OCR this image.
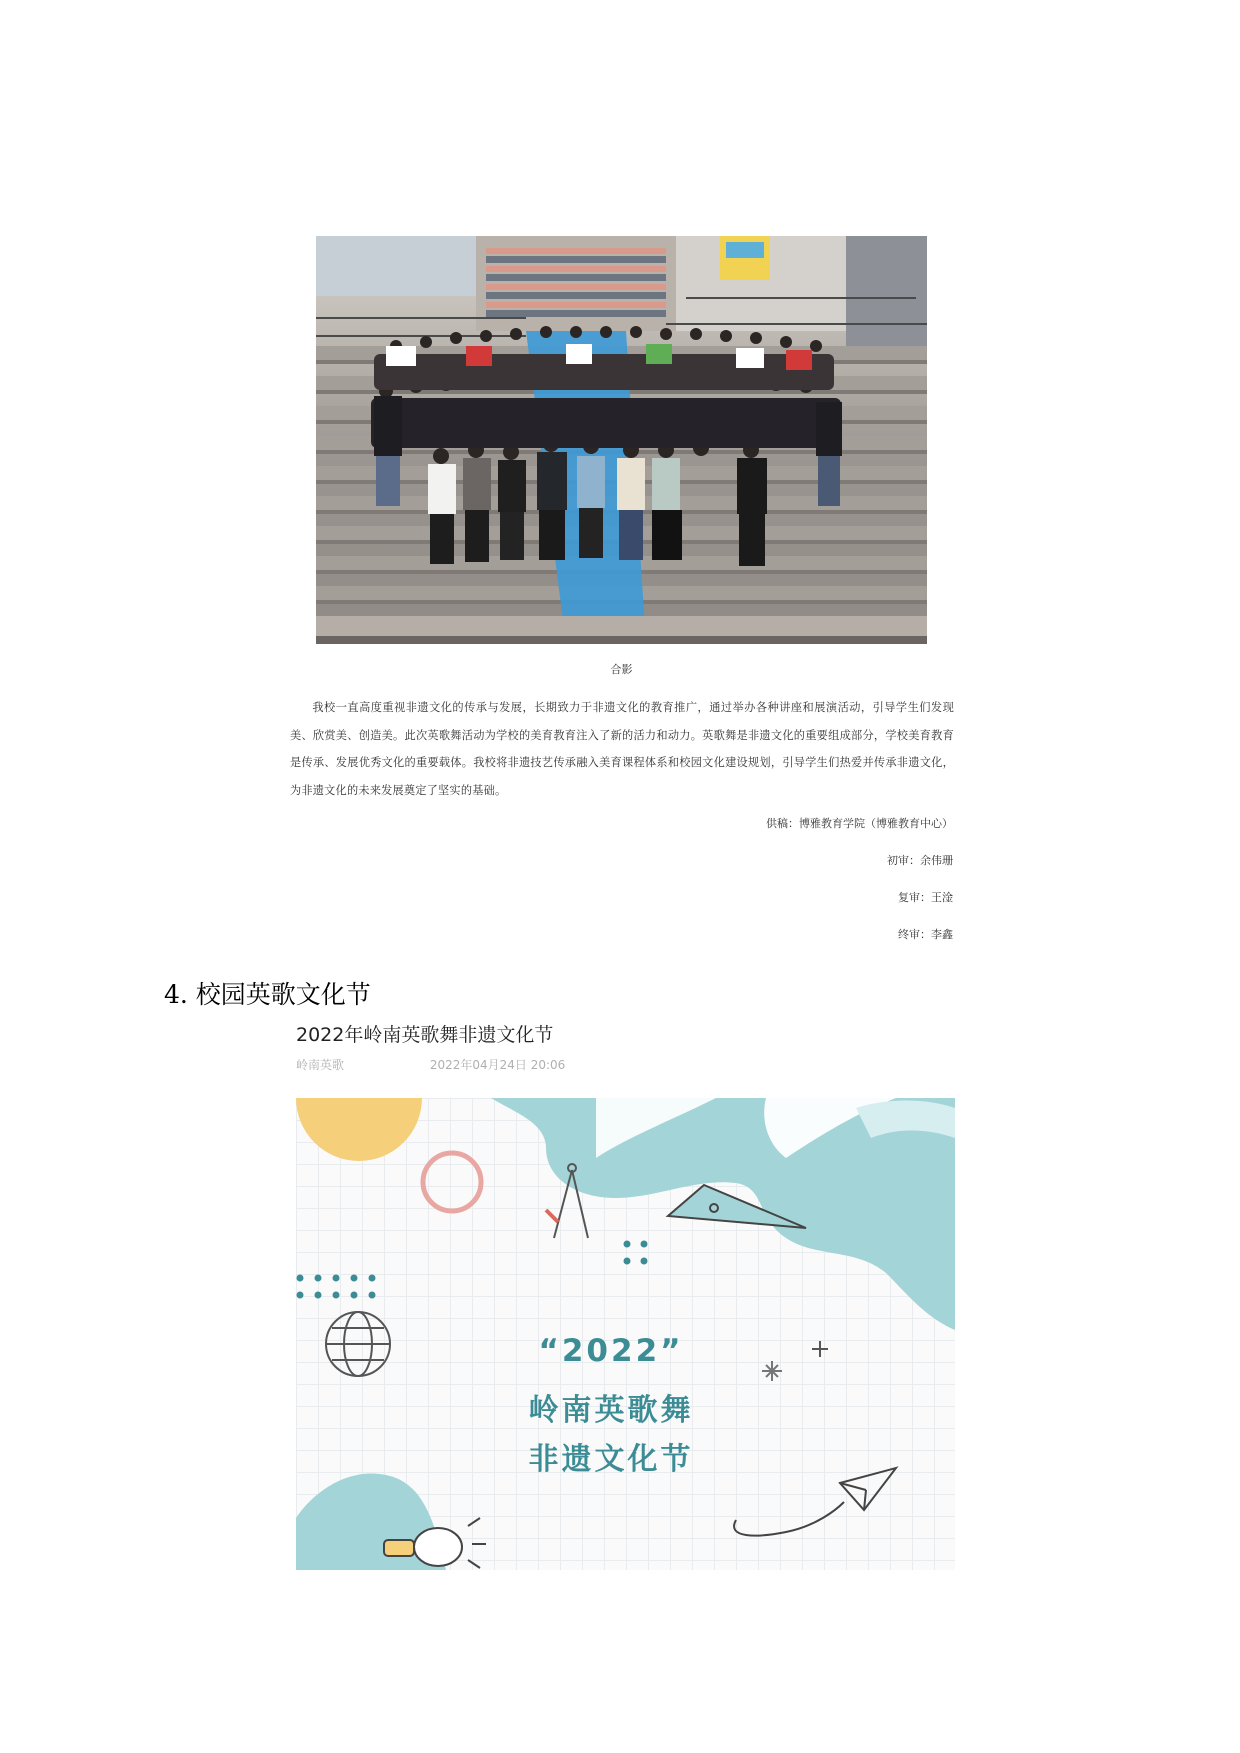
合影
我校一直高度重视非遗文化的传承与发展，长期致力于非遗文化的教育推广，通过举办各种讲座和展演活动，引导学生们发现美、欣赏美、创造美。此次英歌舞活动为学校的美育教育注入了新的活力和动力。英歌舞是非遗文化的重要组成部分，学校美育教育是传承、发展优秀文化的重要载体。我校将非遗技艺传承融入美育课程体系和校园文化建设规划，引导学生们热爱并传承非遗文化，为非遗文化的未来发展奠定了坚实的基础。
供稿：博雅教育学院（博雅教育中心）
初审：余伟珊
复审：王淦
终审：李鑫
4. 校园英歌文化节
2022年岭南英歌舞非遗文化节
岭南英歌	2022年04月24日 20:06
“2022”
岭南英歌舞
非遗文化节
